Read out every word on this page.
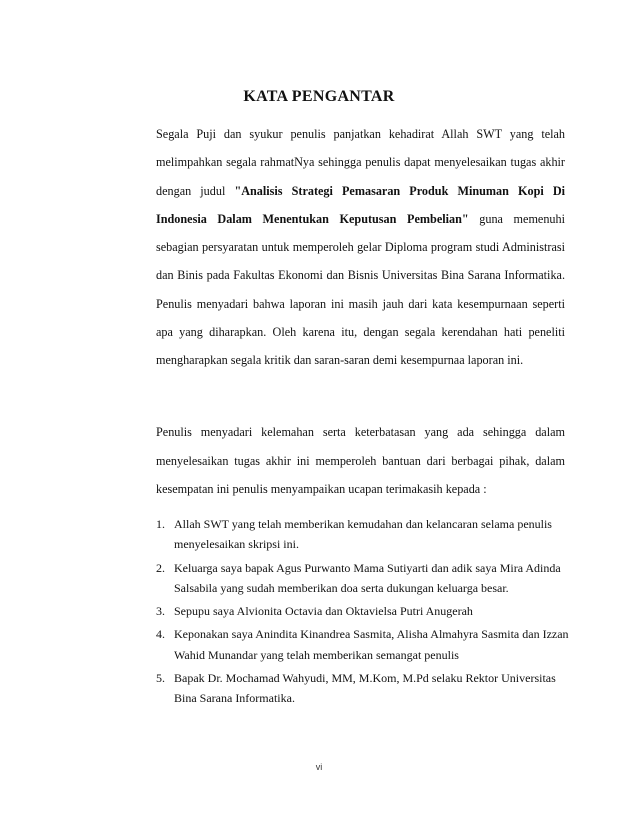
KATA PENGANTAR

Segala Puji dan syukur penulis panjatkan kehadirat Allah SWT yang telah melimpahkan segala rahmatNya sehingga penulis dapat menyelesaikan tugas akhir dengan judul "Analisis Strategi Pemasaran Produk Minuman Kopi Di Indonesia Dalam Menentukan Keputusan Pembelian" guna memenuhi sebagian persyaratan untuk memperoleh gelar Diploma program studi Administrasi dan Binis pada Fakultas Ekonomi dan Bisnis Universitas Bina Sarana Informatika. Penulis menyadari bahwa laporan ini masih jauh dari kata kesempurnaan seperti apa yang diharapkan. Oleh karena itu, dengan segala kerendahan hati peneliti mengharapkan segala kritik dan saran-saran demi kesempurnaa laporan ini.

Penulis menyadari kelemahan serta keterbatasan yang ada sehingga dalam menyelesaikan tugas akhir ini memperoleh bantuan dari berbagai pihak, dalam kesempatan ini penulis menyampaikan ucapan terimakasih kepada :

1. Allah SWT yang telah memberikan kemudahan dan kelancaran selama penulis menyelesaikan skripsi ini.
2. Keluarga saya bapak Agus Purwanto Mama Sutiyarti dan adik saya Mira Adinda Salsabila yang sudah memberikan doa serta dukungan keluarga besar.
3. Sepupu saya Alvionita Octavia dan Oktavielsa Putri Anugerah
4. Keponakan saya Anindita Kinandrea Sasmita, Alisha Almahyra Sasmita dan Izzan Wahid Munandar yang telah memberikan semangat penulis
5. Bapak Dr. Mochamad Wahyudi, MM, M.Kom, M.Pd selaku Rektor Universitas Bina Sarana Informatika.
vi
